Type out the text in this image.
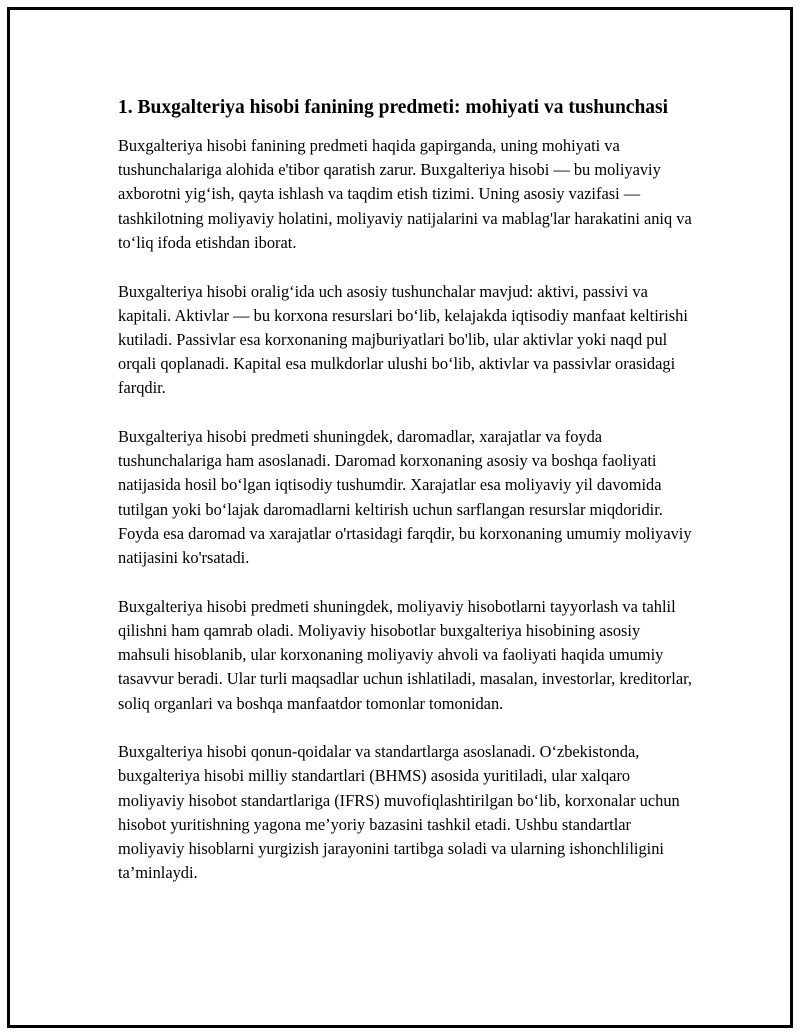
1. Buxgalteriya hisobi fanining predmeti: mohiyati va tushunchasi

Buxgalteriya hisobi fanining predmeti haqida gapirganda, uning mohiyati va tushunchalariga alohida e'tibor qaratish zarur. Buxgalteriya hisobi — bu moliyaviy axborotni yig‘ish, qayta ishlash va taqdim etish tizimi. Uning asosiy vazifasi — tashkilotning moliyaviy holatini, moliyaviy natijalarini va mablag'lar harakatini aniq va to‘liq ifoda etishdan iborat.

Buxgalteriya hisobi oralig‘ida uch asosiy tushunchalar mavjud: aktivi, passivi va kapitali. Aktivlar — bu korxona resurslari bo‘lib, kelajakda iqtisodiy manfaat keltirishi kutiladi. Passivlar esa korxonaning majburiyatlari bo'lib, ular aktivlar yoki naqd pul orqali qoplanadi. Kapital esa mulkdorlar ulushi bo‘lib, aktivlar va passivlar orasidagi farqdir.

Buxgalteriya hisobi predmeti shuningdek, daromadlar, xarajatlar va foyda tushunchalariga ham asoslanadi. Daromad korxonaning asosiy va boshqa faoliyati natijasida hosil bo‘lgan iqtisodiy tushumdir. Xarajatlar esa moliyaviy yil davomida tutilgan yoki bo‘lajak daromadlarni keltirish uchun sarflangan resurslar miqdoridir. Foyda esa daromad va xarajatlar o'rtasidagi farqdir, bu korxonaning umumiy moliyaviy natijasini ko'rsatadi.

Buxgalteriya hisobi predmeti shuningdek, moliyaviy hisobotlarni tayyorlash va tahlil qilishni ham qamrab oladi. Moliyaviy hisobotlar buxgalteriya hisobining asosiy mahsuli hisoblanib, ular korxonaning moliyaviy ahvoli va faoliyati haqida umumiy tasavvur beradi. Ular turli maqsadlar uchun ishlatiladi, masalan, investorlar, kreditorlar, soliq organlari va boshqa manfaatdor tomonlar tomonidan.

Buxgalteriya hisobi qonun-qoidalar va standartlarga asoslanadi. O‘zbekistonda, buxgalteriya hisobi milliy standartlari (BHMS) asosida yuritiladi, ular xalqaro moliyaviy hisobot standartlariga (IFRS) muvofiqlashtirilgan bo‘lib, korxonalar uchun hisobot yuritishning yagona me’yoriy bazasini tashkil etadi. Ushbu standartlar moliyaviy hisoblarni yurgizish jarayonini tartibga soladi va ularning ishonchliligini ta’minlaydi.
